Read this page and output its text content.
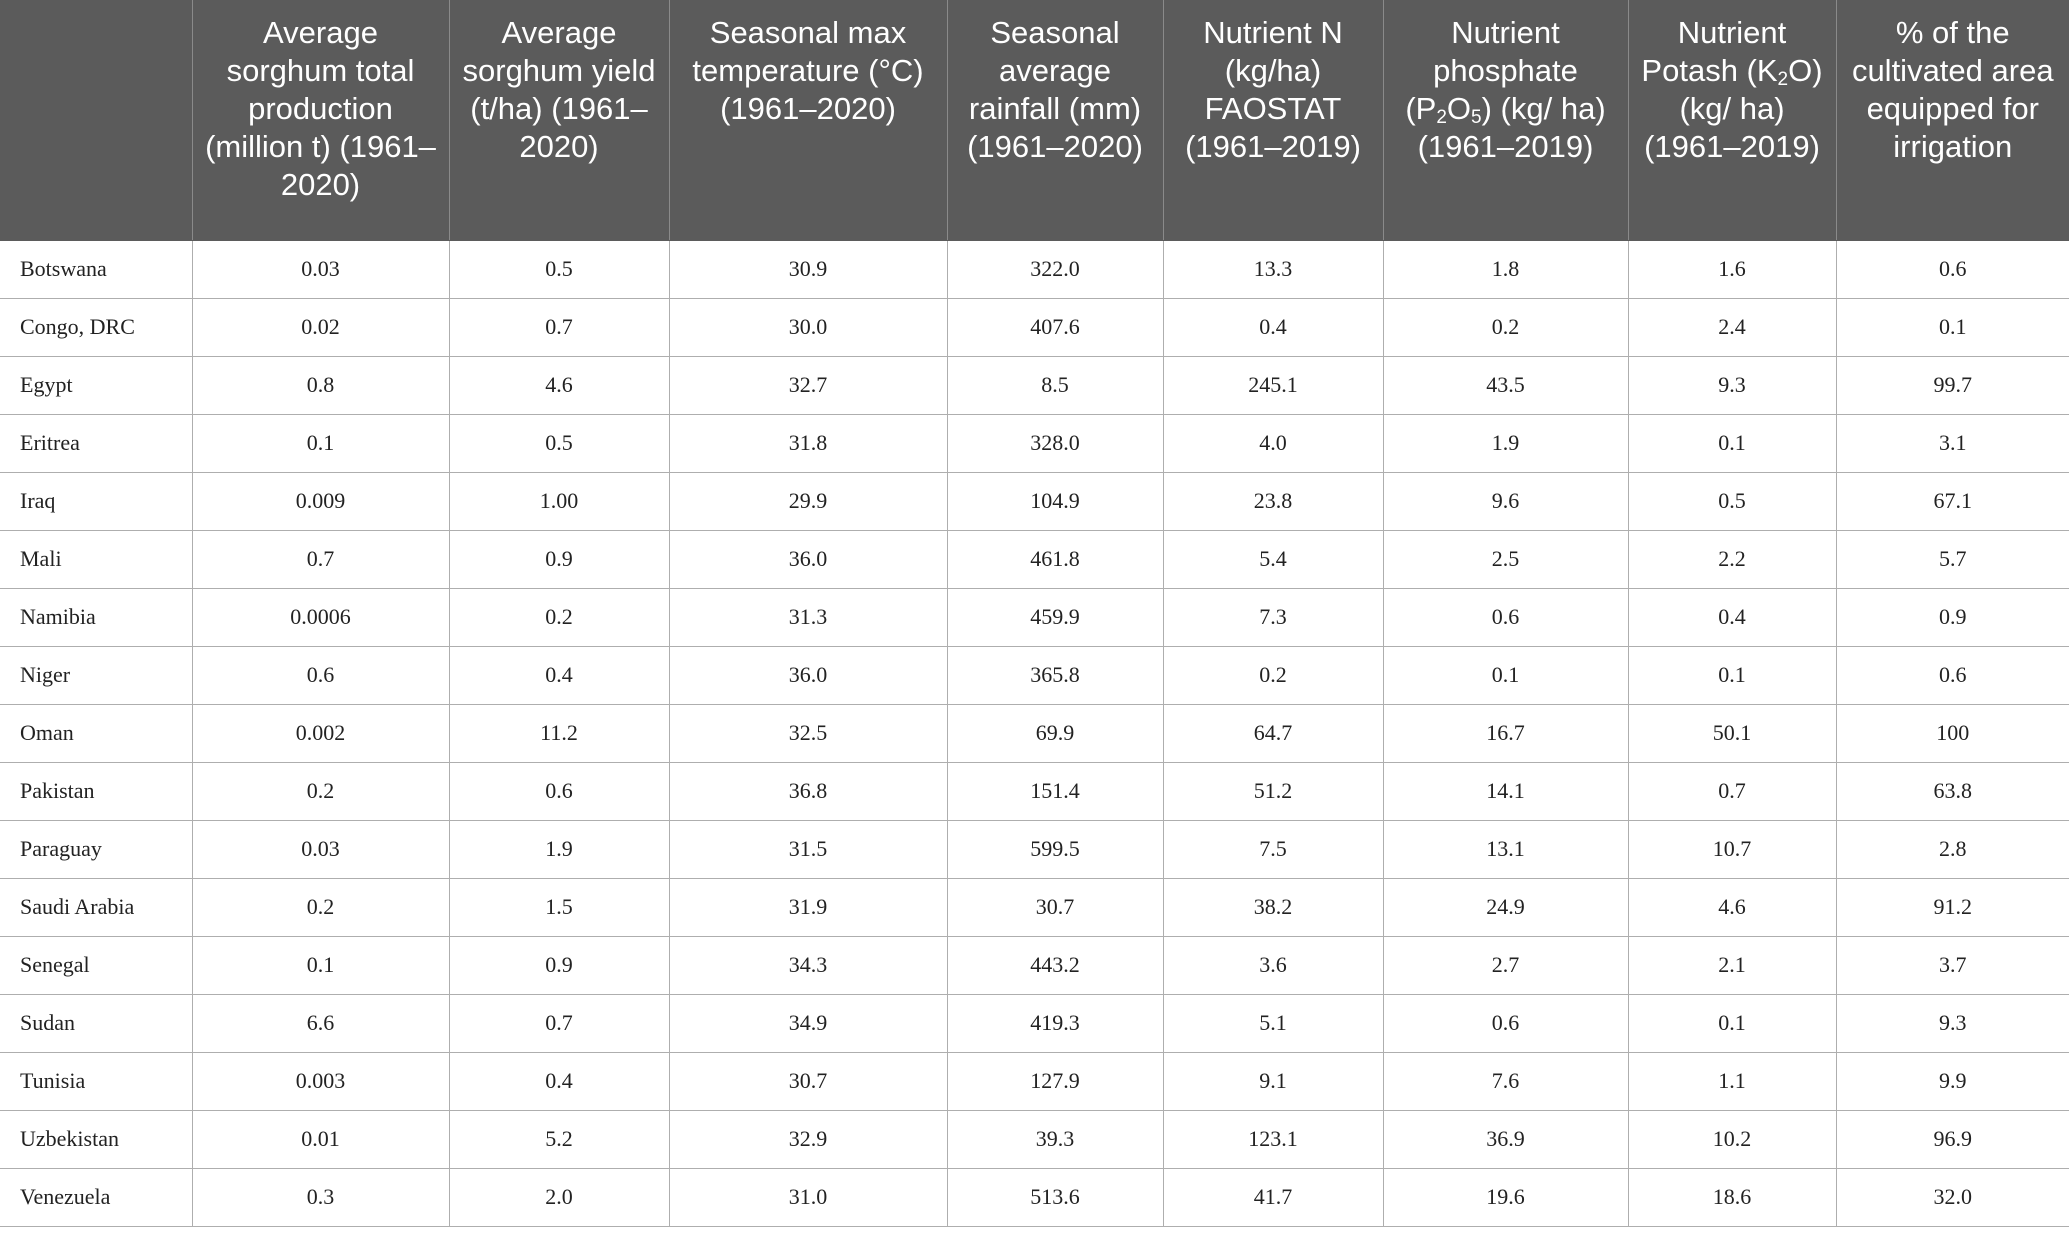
	Average sorghum total production (million t) (1961–2020)	Average sorghum yield (t/ha) (1961–2020)	Seasonal max temperature (°C) (1961–2020)	Seasonal average rainfall (mm) (1961–2020)	Nutrient N (kg/ha) FAOSTAT (1961–2019)	Nutrient phosphate $(P_2O_5)$ (kg/ ha) (1961–2019)	Nutrient Potash $(K_2O)$ (kg/ ha) (1961–2019)	% of the cultivated area equipped for irrigation
Botswana	0.03	0.5	30.9	322.0	13.3	1.8	1.6	0.6
Congo, DRC	0.02	0.7	30.0	407.6	0.4	0.2	2.4	0.1
Egypt	0.8	4.6	32.7	8.5	245.1	43.5	9.3	99.7
Eritrea	0.1	0.5	31.8	328.0	4.0	1.9	0.1	3.1
Iraq	0.009	1.00	29.9	104.9	23.8	9.6	0.5	67.1
Mali	0.7	0.9	36.0	461.8	5.4	2.5	2.2	5.7
Namibia	0.0006	0.2	31.3	459.9	7.3	0.6	0.4	0.9
Niger	0.6	0.4	36.0	365.8	0.2	0.1	0.1	0.6
Oman	0.002	11.2	32.5	69.9	64.7	16.7	50.1	100
Pakistan	0.2	0.6	36.8	151.4	51.2	14.1	0.7	63.8
Paraguay	0.03	1.9	31.5	599.5	7.5	13.1	10.7	2.8
Saudi Arabia	0.2	1.5	31.9	30.7	38.2	24.9	4.6	91.2
Senegal	0.1	0.9	34.3	443.2	3.6	2.7	2.1	3.7
Sudan	6.6	0.7	34.9	419.3	5.1	0.6	0.1	9.3
Tunisia	0.003	0.4	30.7	127.9	9.1	7.6	1.1	9.9
Uzbekistan	0.01	5.2	32.9	39.3	123.1	36.9	10.2	96.9
Venezuela	0.3	2.0	31.0	513.6	41.7	19.6	18.6	32.0
